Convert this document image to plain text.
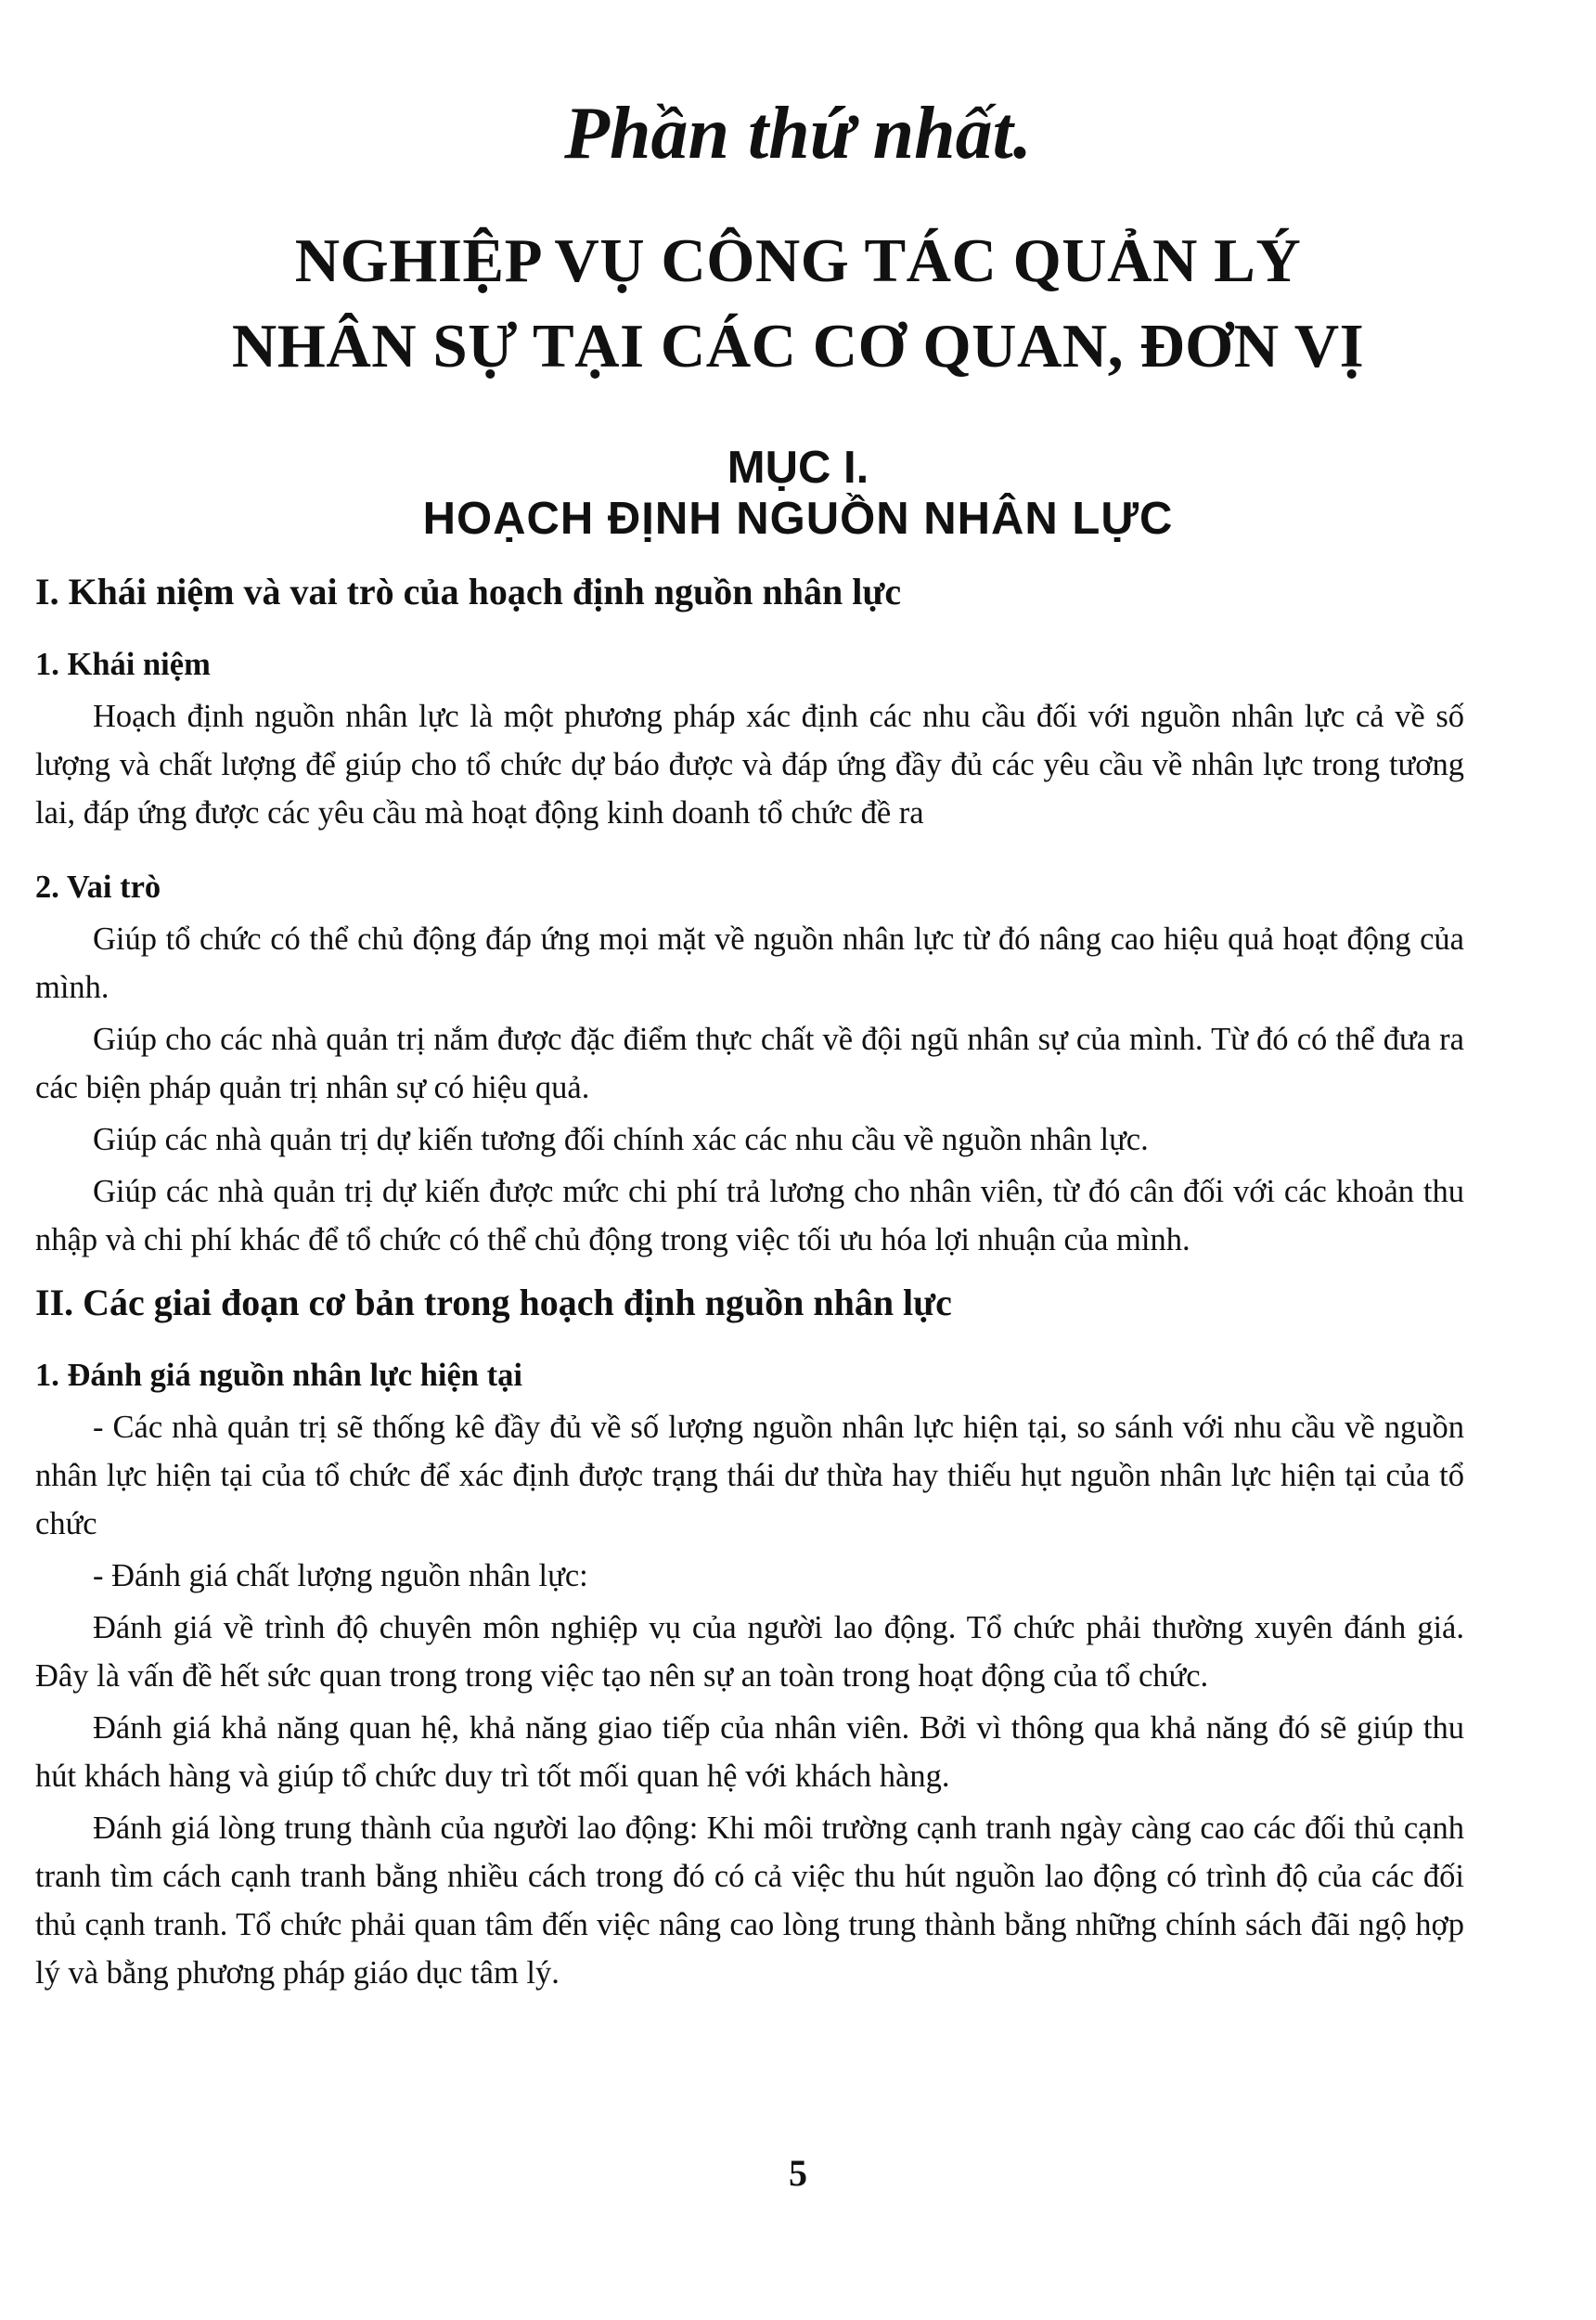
Phần thứ nhất.
NGHIỆP VỤ CÔNG TÁC QUẢN LÝ
NHÂN SỰ TẠI CÁC CƠ QUAN, ĐƠN VỊ
MỤC I.
HOẠCH ĐỊNH NGUỒN NHÂN LỰC
I. Khái niệm và vai trò của hoạch định nguồn nhân lực
1. Khái niệm
Hoạch định nguồn nhân lực là một phương pháp xác định các nhu cầu đối với nguồn nhân lực cả về số lượng và chất lượng để giúp cho tổ chức dự báo được và đáp ứng đầy đủ các yêu cầu về nhân lực trong tương lai, đáp ứng được các yêu cầu mà hoạt động kinh doanh tổ chức đề ra
2. Vai trò
Giúp tổ chức có thể chủ động đáp ứng mọi mặt về nguồn nhân lực từ đó nâng cao hiệu quả hoạt động của mình.
Giúp cho các nhà quản trị nắm được đặc điểm thực chất về đội ngũ nhân sự của mình. Từ đó có thể đưa ra các biện pháp quản trị nhân sự có hiệu quả.
Giúp các nhà quản trị dự kiến tương đối chính xác các nhu cầu về nguồn nhân lực.
Giúp các nhà quản trị dự kiến được mức chi phí trả lương cho nhân viên, từ đó cân đối với các khoản thu nhập và chi phí khác để tổ chức có thể chủ động trong việc tối ưu hóa lợi nhuận của mình.
II. Các giai đoạn cơ bản trong hoạch định nguồn nhân lực
1. Đánh giá nguồn nhân lực hiện tại
- Các nhà quản trị sẽ thống kê đầy đủ về số lượng nguồn nhân lực hiện tại, so sánh với nhu cầu về nguồn nhân lực hiện tại của tổ chức để xác định được trạng thái dư thừa hay thiếu hụt nguồn nhân lực hiện tại của tổ chức
- Đánh giá chất lượng nguồn nhân lực:
Đánh giá về trình độ chuyên môn nghiệp vụ của người lao động. Tổ chức phải thường xuyên đánh giá. Đây là vấn đề hết sức quan trong trong việc tạo nên sự an toàn trong hoạt động của tổ chức.
Đánh giá khả năng quan hệ, khả năng giao tiếp của nhân viên. Bởi vì thông qua khả năng đó sẽ giúp thu hút khách hàng và giúp tổ chức duy trì tốt mối quan hệ với khách hàng.
Đánh giá lòng trung thành của người lao động: Khi môi trường cạnh tranh ngày càng cao các đối thủ cạnh tranh tìm cách cạnh tranh bằng nhiều cách trong đó có cả việc thu hút nguồn lao động có trình độ của các đối thủ cạnh tranh. Tổ chức phải quan tâm đến việc nâng cao lòng trung thành bằng những chính sách đãi ngộ hợp lý và bằng phương pháp giáo dục tâm lý.
5
